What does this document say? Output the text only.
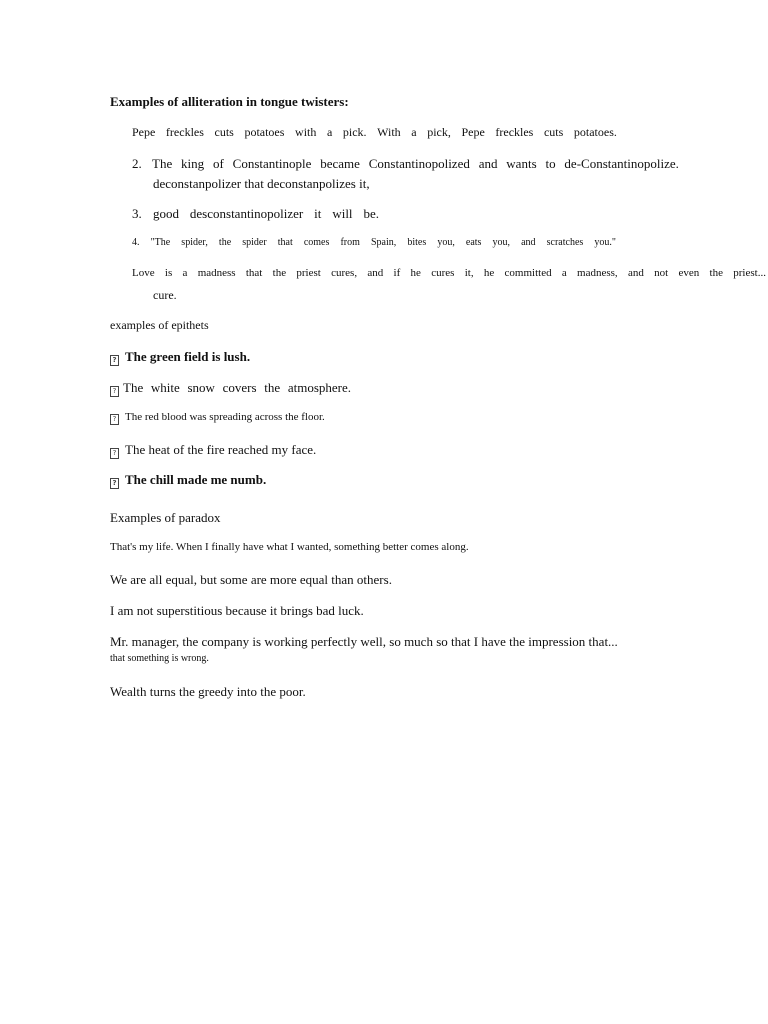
Examples of alliteration in tongue twisters:
Pepe freckles cuts potatoes with a pick. With a pick, Pepe freckles cuts potatoes.
2. The king of Constantinople became Constantinopolized and wants to de-Constantinopolize.
deconstanpolizer that deconstanpolizes it,
3. good desconstantinopolizer it will be.
4. "The spider, the spider that comes from Spain, bites you, eats you, and scratches you."
Love is a madness that the priest cures, and if he cures it, he committed a madness, and not even the priest...
cure.
examples of epithets
? The green field is lush.
? The white snow covers the atmosphere.
? The red blood was spreading across the floor.
? The heat of the fire reached my face.
? The chill made me numb.
Examples of paradox
That's my life. When I finally have what I wanted, something better comes along.
We are all equal, but some are more equal than others.
I am not superstitious because it brings bad luck.
Mr. manager, the company is working perfectly well, so much so that I have the impression that...
that something is wrong.
Wealth turns the greedy into the poor.
